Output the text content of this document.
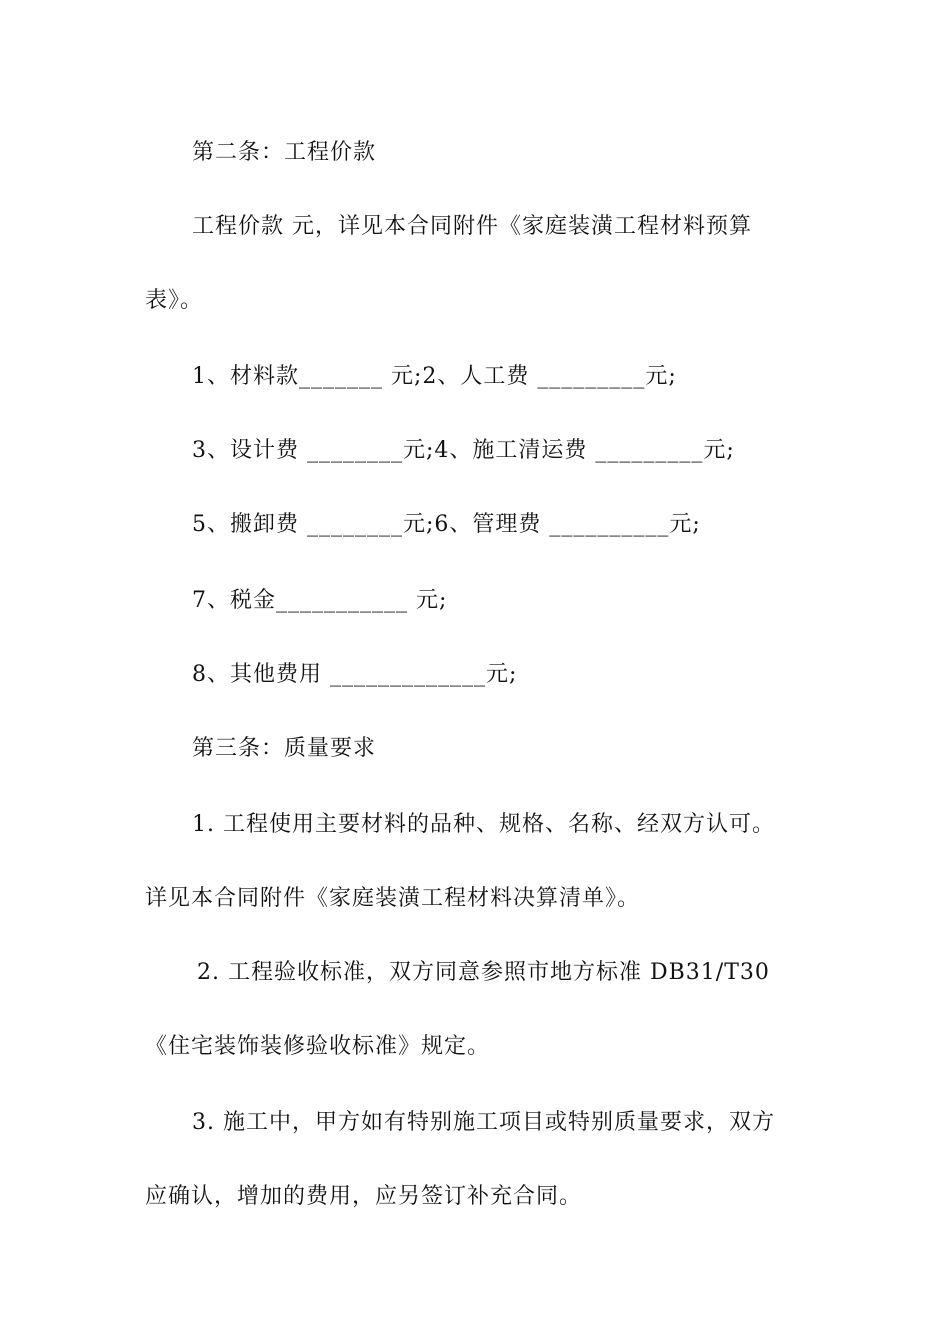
第二条：工程价款
工程价款 元，详见本合同附件《家庭装潢工程材料预算
表》。
1、材料款_______ 元;2、人工费 _________元;
3、设计费 ________元;4、施工清运费 _________元;
5、搬卸费 ________元;6、管理费 __________元;
7、税金___________ 元;
8、其他费用 _____________元;
第三条：质量要求
1. 工程使用主要材料的品种、规格、名称、经双方认可。
详见本合同附件《家庭装潢工程材料决算清单》。
2. 工程验收标准，双方同意参照市地方标准 DB31/T30
《住宅装饰装修验收标准》规定。
3. 施工中，甲方如有特别施工项目或特别质量要求，双方
应确认，增加的费用，应另签订补充合同。
